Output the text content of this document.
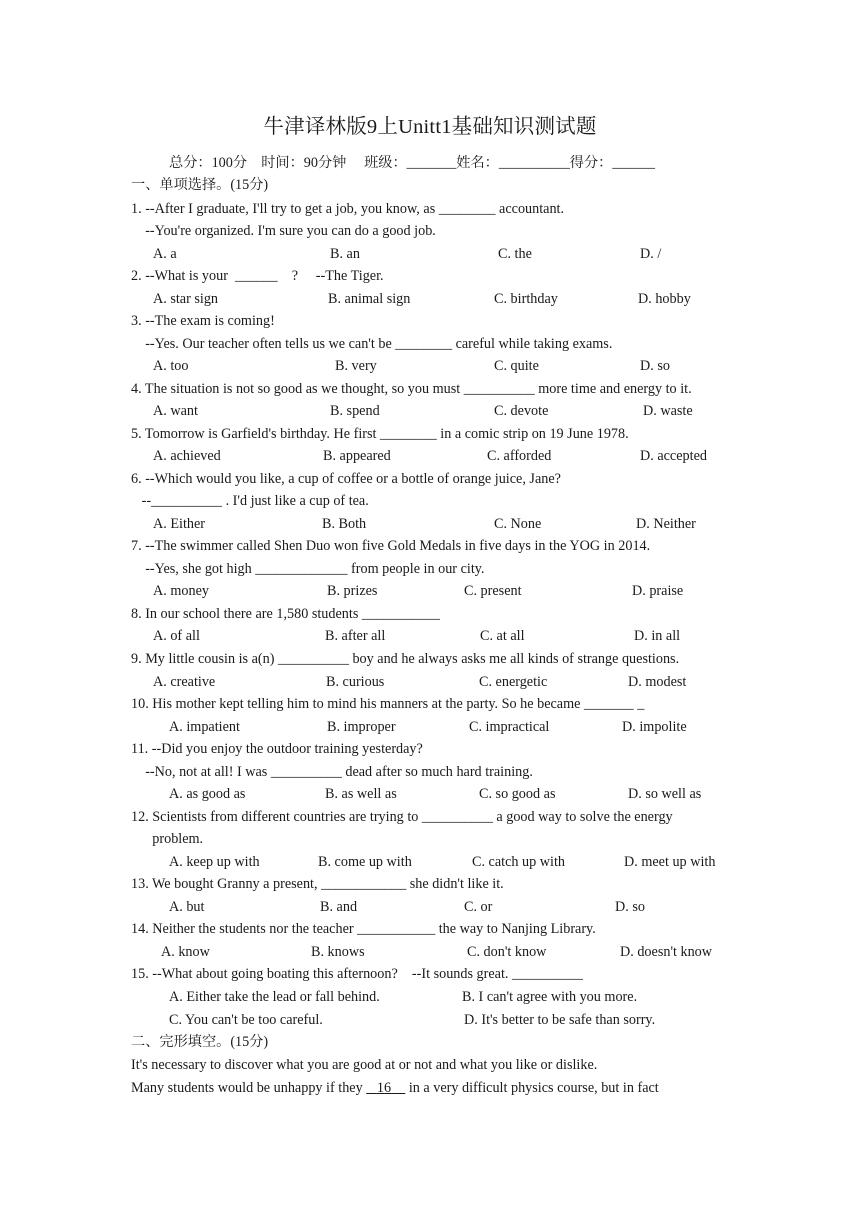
牛津译林版9上Unitt1基础知识测试题
总分：100分　时间：90分钟　 班级：_______姓名：__________得分：______
一、单项选择。(15分)
1. --After I graduate, I'll try to get a job, you know, as ________ accountant.
--You're organized. I'm sure you can do a good job.
A. a	B. an	C. the	D. /
2. --What is your  ______    ?     --The Tiger.
A. star sign	B. animal sign	C. birthday	D. hobby
3. --The exam is coming!
--Yes. Our teacher often tells us we can't be ________ careful while taking exams.
A. too	B. very	C. quite	D. so
4. The situation is not so good as we thought, so you must __________ more time and energy to it.
A. want	B. spend	C. devote	D. waste
5. Tomorrow is Garfield's birthday. He first ________ in a comic strip on 19 June 1978.
A. achieved	B. appeared	C. afforded	D. accepted
6. --Which would you like, a cup of coffee or a bottle of orange juice, Jane?
--__________ . I'd just like a cup of tea.
A. Either	B. Both	C. None	D. Neither
7. --The swimmer called Shen Duo won five Gold Medals in five days in the YOG in 2014.
--Yes, she got high _____________ from people in our city.
A. money	B. prizes	C. present	D. praise
8. In our school there are 1,580 students ___________
A. of all	B. after all	C. at all	D. in all
9. My little cousin is a(n) __________ boy and he always asks me all kinds of strange questions.
A. creative	B. curious	C. energetic	D. modest
10. His mother kept telling him to mind his manners at the party. So he became _______ _
A. impatient	B. improper	C. impractical	D. impolite
11. --Did you enjoy the outdoor training yesterday?
--No, not at all! I was __________ dead after so much hard training.
A. as good as	B. as well as	C. so good as	D. so well as
12. Scientists from different countries are trying to __________ a good way to solve the energy
problem.
A. keep up with	B. come up with	C. catch up with	D. meet up with
13. We bought Granny a present, ____________ she didn't like it.
A. but	B. and	C. or	D. so
14. Neither the students nor the teacher ___________ the way to Nanjing Library.
A. know	B. knows	C. don't know	D. doesn't know
15. --What about going boating this afternoon?    --It sounds great. __________
A. Either take the lead or fall behind.	B. I can't agree with you more.
C. You can't be too careful.	D. It's better to be safe than sorry.
二、完形填空。(15分)
It's necessary to discover what you are good at or not and what you like or dislike.
Many students would be unhappy if they    16     in a very difficult physics course, but in fact
